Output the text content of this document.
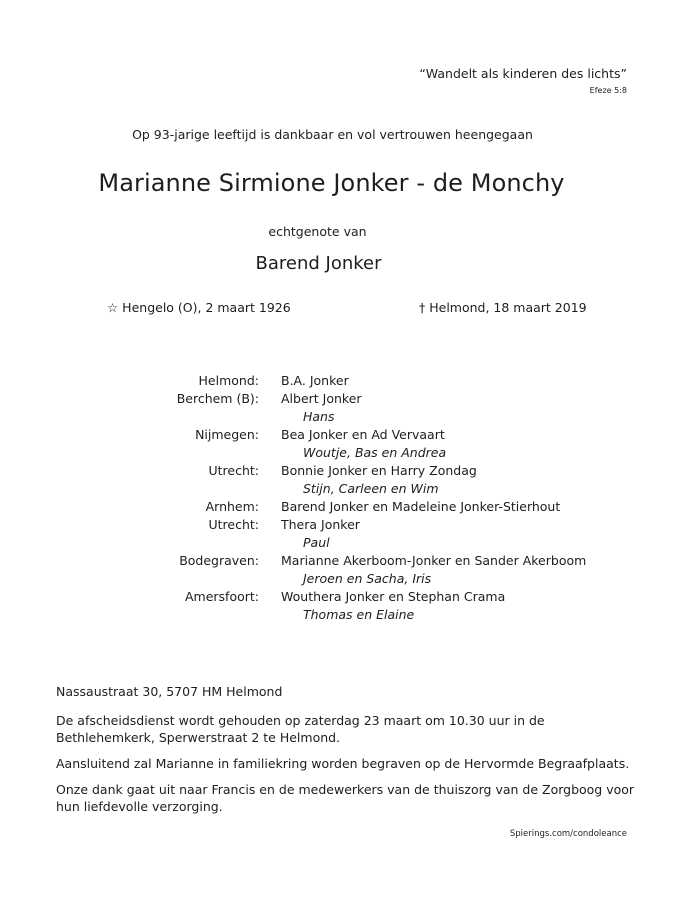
“Wandelt als kinderen des lichts”
Efeze 5:8
Op 93-jarige leeftijd is dankbaar en vol vertrouwen heengegaan
Marianne Sirmione Jonker - de Monchy
echtgenote van
Barend Jonker
☆ Hengelo (O), 2 maart 1926	† Helmond, 18 maart 2019
Helmond: B.A. Jonker
Berchem (B): Albert Jonker
Hans
Nijmegen: Bea Jonker en Ad Vervaart
Woutje, Bas en Andrea
Utrecht: Bonnie Jonker en Harry Zondag
Stijn, Carleen en Wim
Arnhem: Barend Jonker en Madeleine Jonker-Stierhout
Utrecht: Thera Jonker
Paul
Bodegraven: Marianne Akerboom-Jonker en Sander Akerboom
Jeroen en Sacha, Iris
Amersfoort: Wouthera Jonker en Stephan Crama
Thomas en Elaine
Nassaustraat 30, 5707 HM Helmond
De afscheidsdienst wordt gehouden op zaterdag 23 maart om 10.30 uur in de Bethlehemkerk, Sperwerstraat 2 te Helmond.
Aansluitend zal Marianne in familiekring worden begraven op de Hervormde Begraafplaats.
Onze dank gaat uit naar Francis en de medewerkers van de thuiszorg van de Zorgboog voor hun liefdevolle verzorging.
Spierings.com/condoleance
